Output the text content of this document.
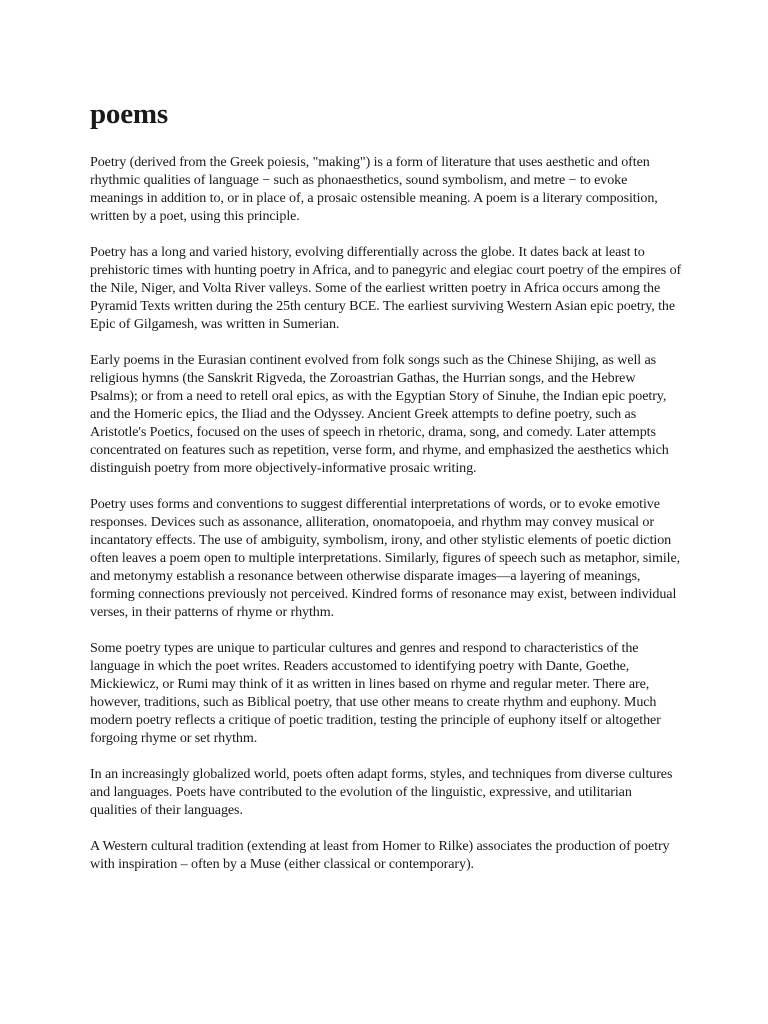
poems

Poetry (derived from the Greek poiesis, "making") is a form of literature that uses aesthetic and often rhythmic qualities of language − such as phonaesthetics, sound symbolism, and metre − to evoke meanings in addition to, or in place of, a prosaic ostensible meaning. A poem is a literary composition, written by a poet, using this principle.

Poetry has a long and varied history, evolving differentially across the globe. It dates back at least to prehistoric times with hunting poetry in Africa, and to panegyric and elegiac court poetry of the empires of the Nile, Niger, and Volta River valleys. Some of the earliest written poetry in Africa occurs among the Pyramid Texts written during the 25th century BCE. The earliest surviving Western Asian epic poetry, the Epic of Gilgamesh, was written in Sumerian.

Early poems in the Eurasian continent evolved from folk songs such as the Chinese Shijing, as well as religious hymns (the Sanskrit Rigveda, the Zoroastrian Gathas, the Hurrian songs, and the Hebrew Psalms); or from a need to retell oral epics, as with the Egyptian Story of Sinuhe, the Indian epic poetry, and the Homeric epics, the Iliad and the Odyssey. Ancient Greek attempts to define poetry, such as Aristotle's Poetics, focused on the uses of speech in rhetoric, drama, song, and comedy. Later attempts concentrated on features such as repetition, verse form, and rhyme, and emphasized the aesthetics which distinguish poetry from more objectively-informative prosaic writing.

Poetry uses forms and conventions to suggest differential interpretations of words, or to evoke emotive responses. Devices such as assonance, alliteration, onomatopoeia, and rhythm may convey musical or incantatory effects. The use of ambiguity, symbolism, irony, and other stylistic elements of poetic diction often leaves a poem open to multiple interpretations. Similarly, figures of speech such as metaphor, simile, and metonymy establish a resonance between otherwise disparate images—a layering of meanings, forming connections previously not perceived. Kindred forms of resonance may exist, between individual verses, in their patterns of rhyme or rhythm.

Some poetry types are unique to particular cultures and genres and respond to characteristics of the language in which the poet writes. Readers accustomed to identifying poetry with Dante, Goethe, Mickiewicz, or Rumi may think of it as written in lines based on rhyme and regular meter. There are, however, traditions, such as Biblical poetry, that use other means to create rhythm and euphony. Much modern poetry reflects a critique of poetic tradition, testing the principle of euphony itself or altogether forgoing rhyme or set rhythm.

In an increasingly globalized world, poets often adapt forms, styles, and techniques from diverse cultures and languages. Poets have contributed to the evolution of the linguistic, expressive, and utilitarian qualities of their languages.

A Western cultural tradition (extending at least from Homer to Rilke) associates the production of poetry with inspiration – often by a Muse (either classical or contemporary).
